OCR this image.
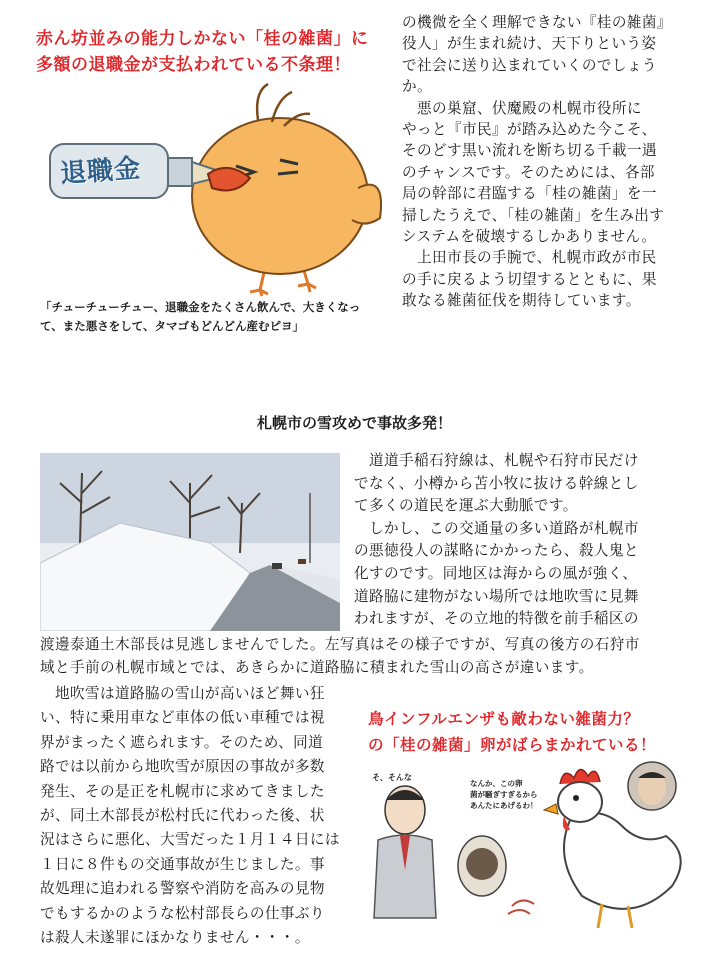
赤ん坊並みの能力しかない「桂の雑菌」に
多額の退職金が支払われている不条理！
退職金
「チューチューチュー、退職金をたくさん飲んで、大きくなっ
て、また悪さをして、タマゴもどんどん産むピヨ」
の機微を全く理解できない『桂の雑菌』
役人」が生まれ続け、天下りという姿
で社会に送り込まれていくのでしょう
か。
　悪の巣窟、伏魔殿の札幌市役所に
やっと『市民』が踏み込めた今こそ、
そのどす黒い流れを断ち切る千載一遇
のチャンスです。そのためには、各部
局の幹部に君臨する「桂の雑菌」を一
掃したうえで、「桂の雑菌」を生み出す
システムを破壊するしかありません。
　上田市長の手腕で、札幌市政が市民
の手に戻るよう切望するとともに、果
敢なる雑菌征伐を期待しています。
札幌市の雪攻めで事故多発！
　道道手稲石狩線は、札幌や石狩市民だけ
でなく、小樽から苫小牧に抜ける幹線とし
て多くの道民を運ぶ大動脈です。
　しかし、この交通量の多い道路が札幌市
の悪徳役人の謀略にかかったら、殺人鬼と
化すのです。同地区は海からの風が強く、
道路脇に建物がない場所では地吹雪に見舞
われますが、その立地的特徴を前手稲区の
渡邊泰通土木部長は見逃しませんでした。左写真はその様子ですが、写真の後方の石狩市
域と手前の札幌市域とでは、あきらかに道路脇に積まれた雪山の高さが違います。
　地吹雪は道路脇の雪山が高いほど舞い狂
い、特に乗用車など車体の低い車種では視
界がまったく遮られます。そのため、同道
路では以前から地吹雪が原因の事故が多数
発生、その是正を札幌市に求めてきました
が、同土木部長が松村氏に代わった後、状
況はさらに悪化、大雪だった１月１４日には
１日に８件もの交通事故が生じました。事
故処理に追われる警察や消防を高みの見物
でもするかのような松村部長らの仕事ぶり
は殺人未遂罪にほかなりません・・・。
鳥インフルエンザも敵わない雑菌力？
の「桂の雑菌」卵がばらまかれている！
そ、そんな
なんか、この卵
菌が騒ぎすぎるから
あんたにあげるわ！
